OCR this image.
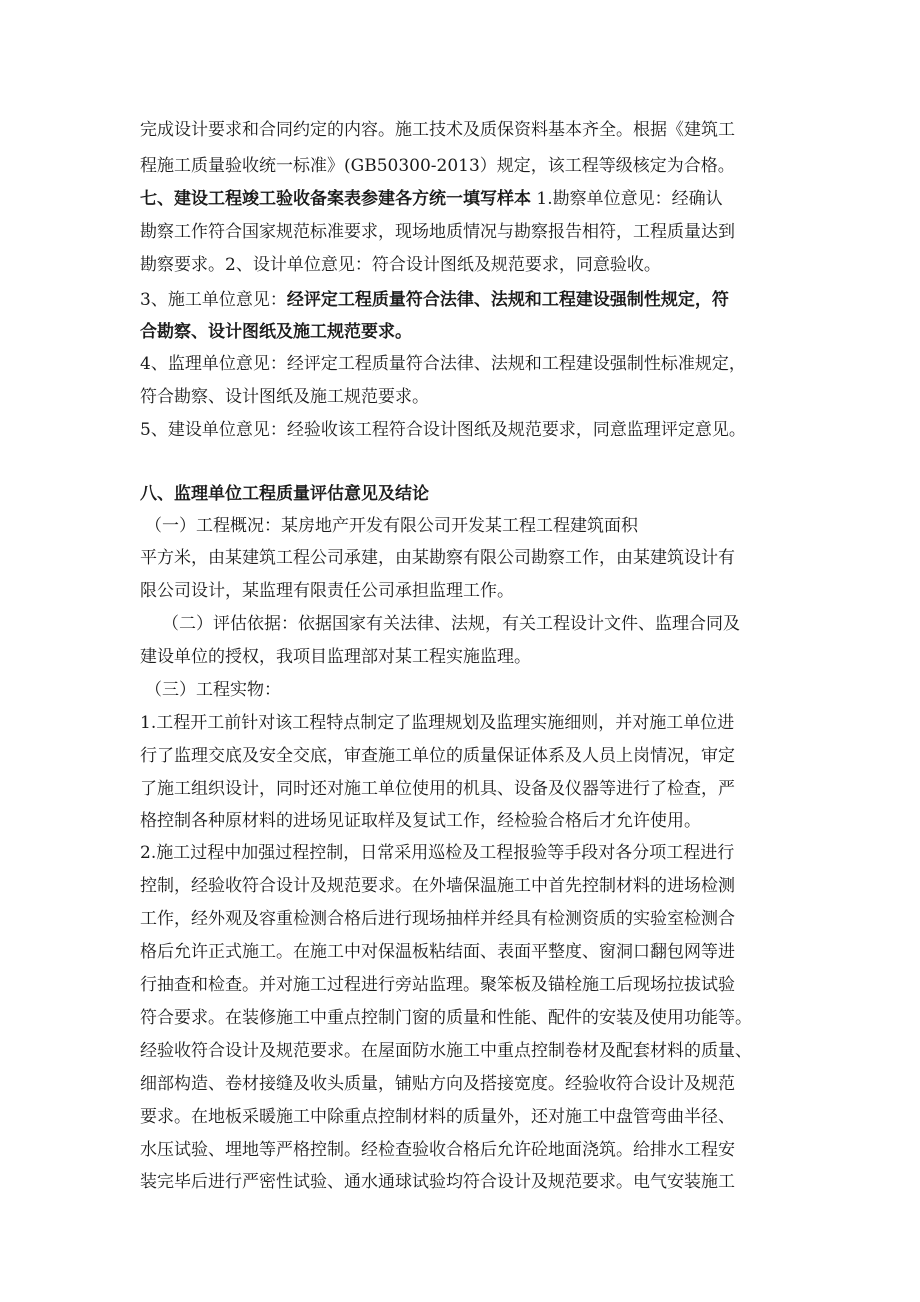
完成设计要求和合同约定的内容。施工技术及质保资料基本齐全。根据《建筑工
程施工质量验收统一标准》(GB50300-2013）规定，该工程等级核定为合格。
七、建设工程竣工验收备案表参建各方统一填写样本 1.勘察单位意见：经确认
勘察工作符合国家规范标准要求，现场地质情况与勘察报告相符，工程质量达到
勘察要求。2、设计单位意见：符合设计图纸及规范要求，同意验收。
3、施工单位意见：经评定工程质量符合法律、法规和工程建设强制性规定，符
合勘察、设计图纸及施工规范要求。
4、监理单位意见：经评定工程质量符合法律、法规和工程建设强制性标准规定，
符合勘察、设计图纸及施工规范要求。
5、建设单位意见：经验收该工程符合设计图纸及规范要求，同意监理评定意见。
八、监理单位工程质量评估意见及结论
（一）工程概况：某房地产开发有限公司开发某工程工程建筑面积
平方米，由某建筑工程公司承建，由某勘察有限公司勘察工作，由某建筑设计有
限公司设计，某监理有限责任公司承担监理工作。
（二）评估依据：依据国家有关法律、法规，有关工程设计文件、监理合同及
建设单位的授权，我项目监理部对某工程实施监理。
（三）工程实物：
1.工程开工前针对该工程特点制定了监理规划及监理实施细则，并对施工单位进
行了监理交底及安全交底，审查施工单位的质量保证体系及人员上岗情况，审定
了施工组织设计，同时还对施工单位使用的机具、设备及仪器等进行了检查，严
格控制各种原材料的进场见证取样及复试工作，经检验合格后才允许使用。
2.施工过程中加强过程控制，日常采用巡检及工程报验等手段对各分项工程进行
控制，经验收符合设计及规范要求。在外墙保温施工中首先控制材料的进场检测
工作，经外观及容重检测合格后进行现场抽样并经具有检测资质的实验室检测合
格后允许正式施工。在施工中对保温板粘结面、表面平整度、窗洞口翻包网等进
行抽查和检查。并对施工过程进行旁站监理。聚笨板及锚栓施工后现场拉拔试验
符合要求。在装修施工中重点控制门窗的质量和性能、配件的安装及使用功能等。
经验收符合设计及规范要求。在屋面防水施工中重点控制卷材及配套材料的质量、
细部构造、卷材接缝及收头质量，铺贴方向及搭接宽度。经验收符合设计及规范
要求。在地板采暖施工中除重点控制材料的质量外，还对施工中盘管弯曲半径、
水压试验、埋地等严格控制。经检查验收合格后允许砼地面浇筑。给排水工程安
装完毕后进行严密性试验、通水通球试验均符合设计及规范要求。电气安装施工
